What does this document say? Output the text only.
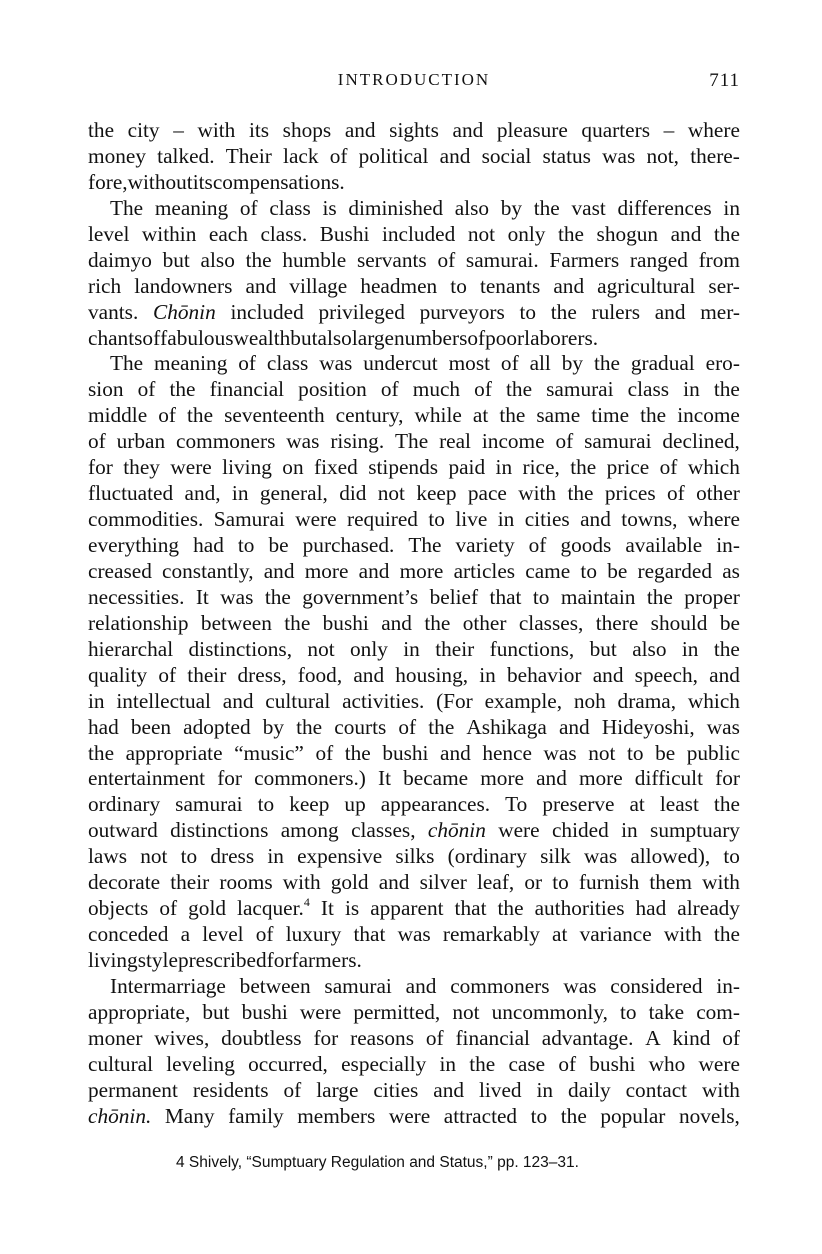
INTRODUCTION	711
the city – with its shops and sights and pleasure quarters – where
money talked. Their lack of political and social status was not, there-
fore, without its compensations.
The meaning of class is diminished also by the vast differences in
level within each class. Bushi included not only the shogun and the
daimyo but also the humble servants of samurai. Farmers ranged from
rich landowners and village headmen to tenants and agricultural ser-
vants. Chōnin included privileged purveyors to the rulers and mer-
chants of fabulous wealth but also large numbers of poor laborers.
The meaning of class was undercut most of all by the gradual ero-
sion of the financial position of much of the samurai class in the
middle of the seventeenth century, while at the same time the income
of urban commoners was rising. The real income of samurai declined,
for they were living on fixed stipends paid in rice, the price of which
fluctuated and, in general, did not keep pace with the prices of other
commodities. Samurai were required to live in cities and towns, where
everything had to be purchased. The variety of goods available in-
creased constantly, and more and more articles came to be regarded as
necessities. It was the government’s belief that to maintain the proper
relationship between the bushi and the other classes, there should be
hierarchal distinctions, not only in their functions, but also in the
quality of their dress, food, and housing, in behavior and speech, and
in intellectual and cultural activities. (For example, noh drama, which
had been adopted by the courts of the Ashikaga and Hideyoshi, was
the appropriate “music” of the bushi and hence was not to be public
entertainment for commoners.) It became more and more difficult for
ordinary samurai to keep up appearances. To preserve at least the
outward distinctions among classes, chōnin were chided in sumptuary
laws not to dress in expensive silks (ordinary silk was allowed), to
decorate their rooms with gold and silver leaf, or to furnish them with
objects of gold lacquer.$^4$ It is apparent that the authorities had already
conceded a level of luxury that was remarkably at variance with the
living style prescribed for farmers.
Intermarriage between samurai and commoners was considered in-
appropriate, but bushi were permitted, not uncommonly, to take com-
moner wives, doubtless for reasons of financial advantage. A kind of
cultural leveling occurred, especially in the case of bushi who were
permanent residents of large cities and lived in daily contact with
chōnin. Many family members were attracted to the popular novels,
4 Shively, “Sumptuary Regulation and Status,” pp. 123–31.
